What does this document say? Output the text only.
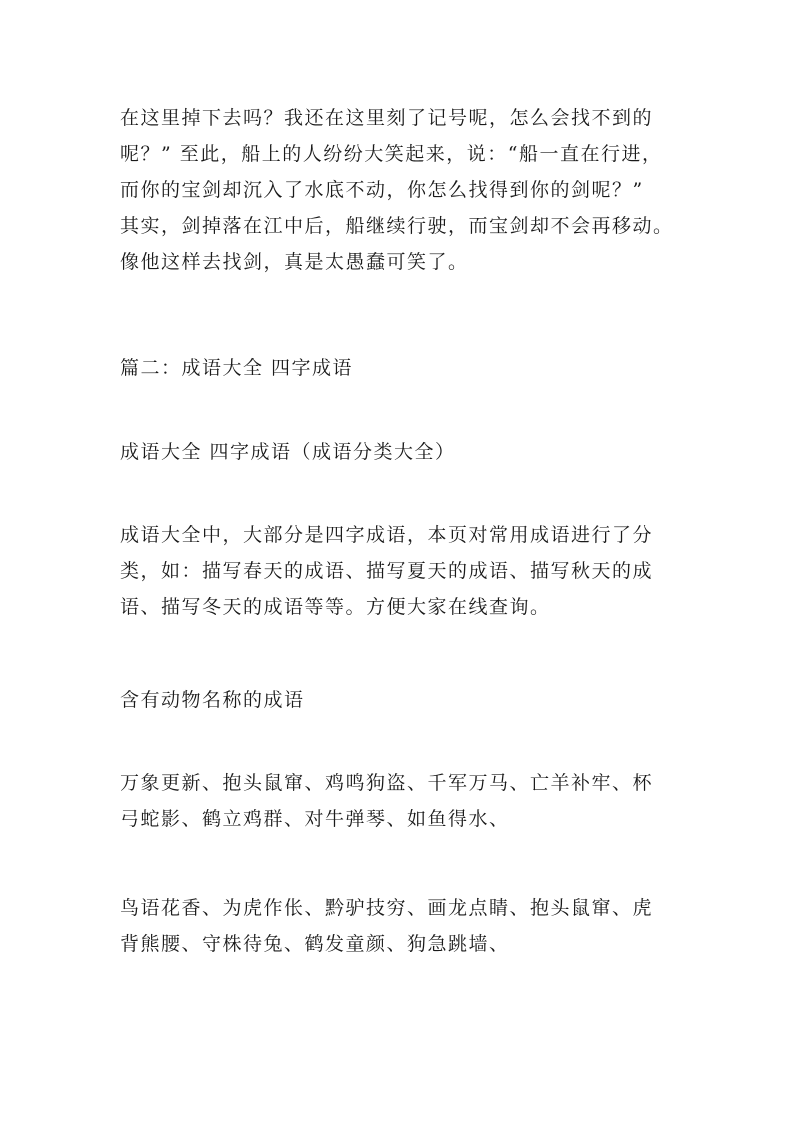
在这里掉下去吗？我还在这里刻了记号呢，怎么会找不到的
呢？” 至此，船上的人纷纷大笑起来，说：“船一直在行进，
而你的宝剑却沉入了水底不动，你怎么找得到你的剑呢？”
其实，剑掉落在江中后，船继续行驶，而宝剑却不会再移动。
像他这样去找剑，真是太愚蠢可笑了。
篇二：成语大全 四字成语
成语大全 四字成语（成语分类大全）
成语大全中，大部分是四字成语，本页对常用成语进行了分
类，如：描写春天的成语、描写夏天的成语、描写秋天的成
语、描写冬天的成语等等。方便大家在线查询。
含有动物名称的成语
万象更新、抱头鼠窜、鸡鸣狗盗、千军万马、亡羊补牢、杯
弓蛇影、鹤立鸡群、对牛弹琴、如鱼得水、
鸟语花香、为虎作伥、黔驴技穷、画龙点睛、抱头鼠窜、虎
背熊腰、守株待兔、鹤发童颜、狗急跳墙、
